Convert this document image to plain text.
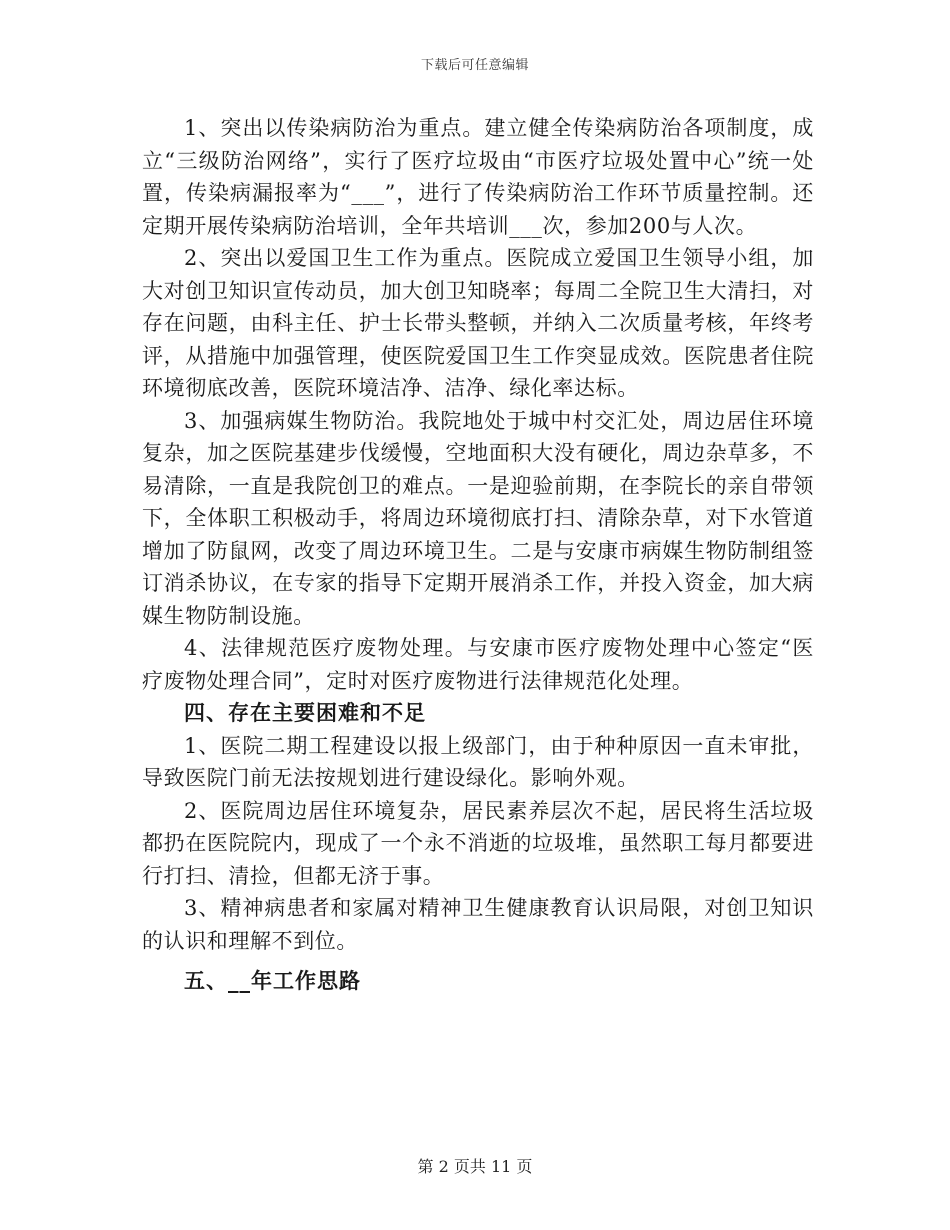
下载后可任意编辑

1、突出以传染病防治为重点。建立健全传染病防治各项制度，成立“三级防治网络”，实行了医疗垃圾由“市医疗垃圾处置中心”统一处置，传染病漏报率为“___”，进行了传染病防治工作环节质量控制。还定期开展传染病防治培训，全年共培训___次，参加200与人次。

2、突出以爱国卫生工作为重点。医院成立爱国卫生领导小组，加大对创卫知识宣传动员，加大创卫知晓率；每周二全院卫生大清扫，对存在问题，由科主任、护士长带头整顿，并纳入二次质量考核，年终考评，从措施中加强管理，使医院爱国卫生工作突显成效。医院患者住院环境彻底改善，医院环境洁净、洁净、绿化率达标。

3、加强病媒生物防治。我院地处于城中村交汇处，周边居住环境复杂，加之医院基建步伐缓慢，空地面积大没有硬化，周边杂草多，不易清除，一直是我院创卫的难点。一是迎验前期，在李院长的亲自带领下，全体职工积极动手，将周边环境彻底打扫、清除杂草，对下水管道增加了防鼠网，改变了周边环境卫生。二是与安康市病媒生物防制组签订消杀协议，在专家的指导下定期开展消杀工作，并投入资金，加大病媒生物防制设施。

4、法律规范医疗废物处理。与安康市医疗废物处理中心签定“医疗废物处理合同”，定时对医疗废物进行法律规范化处理。

四、存在主要困难和不足

1、医院二期工程建设以报上级部门，由于种种原因一直未审批，导致医院门前无法按规划进行建设绿化。影响外观。

2、医院周边居住环境复杂，居民素养层次不起，居民将生活垃圾都扔在医院院内，现成了一个永不消逝的垃圾堆，虽然职工每月都要进行打扫、清捡，但都无济于事。

3、精神病患者和家属对精神卫生健康教育认识局限，对创卫知识的认识和理解不到位。

五、__年工作思路

第 2 页共 11 页
